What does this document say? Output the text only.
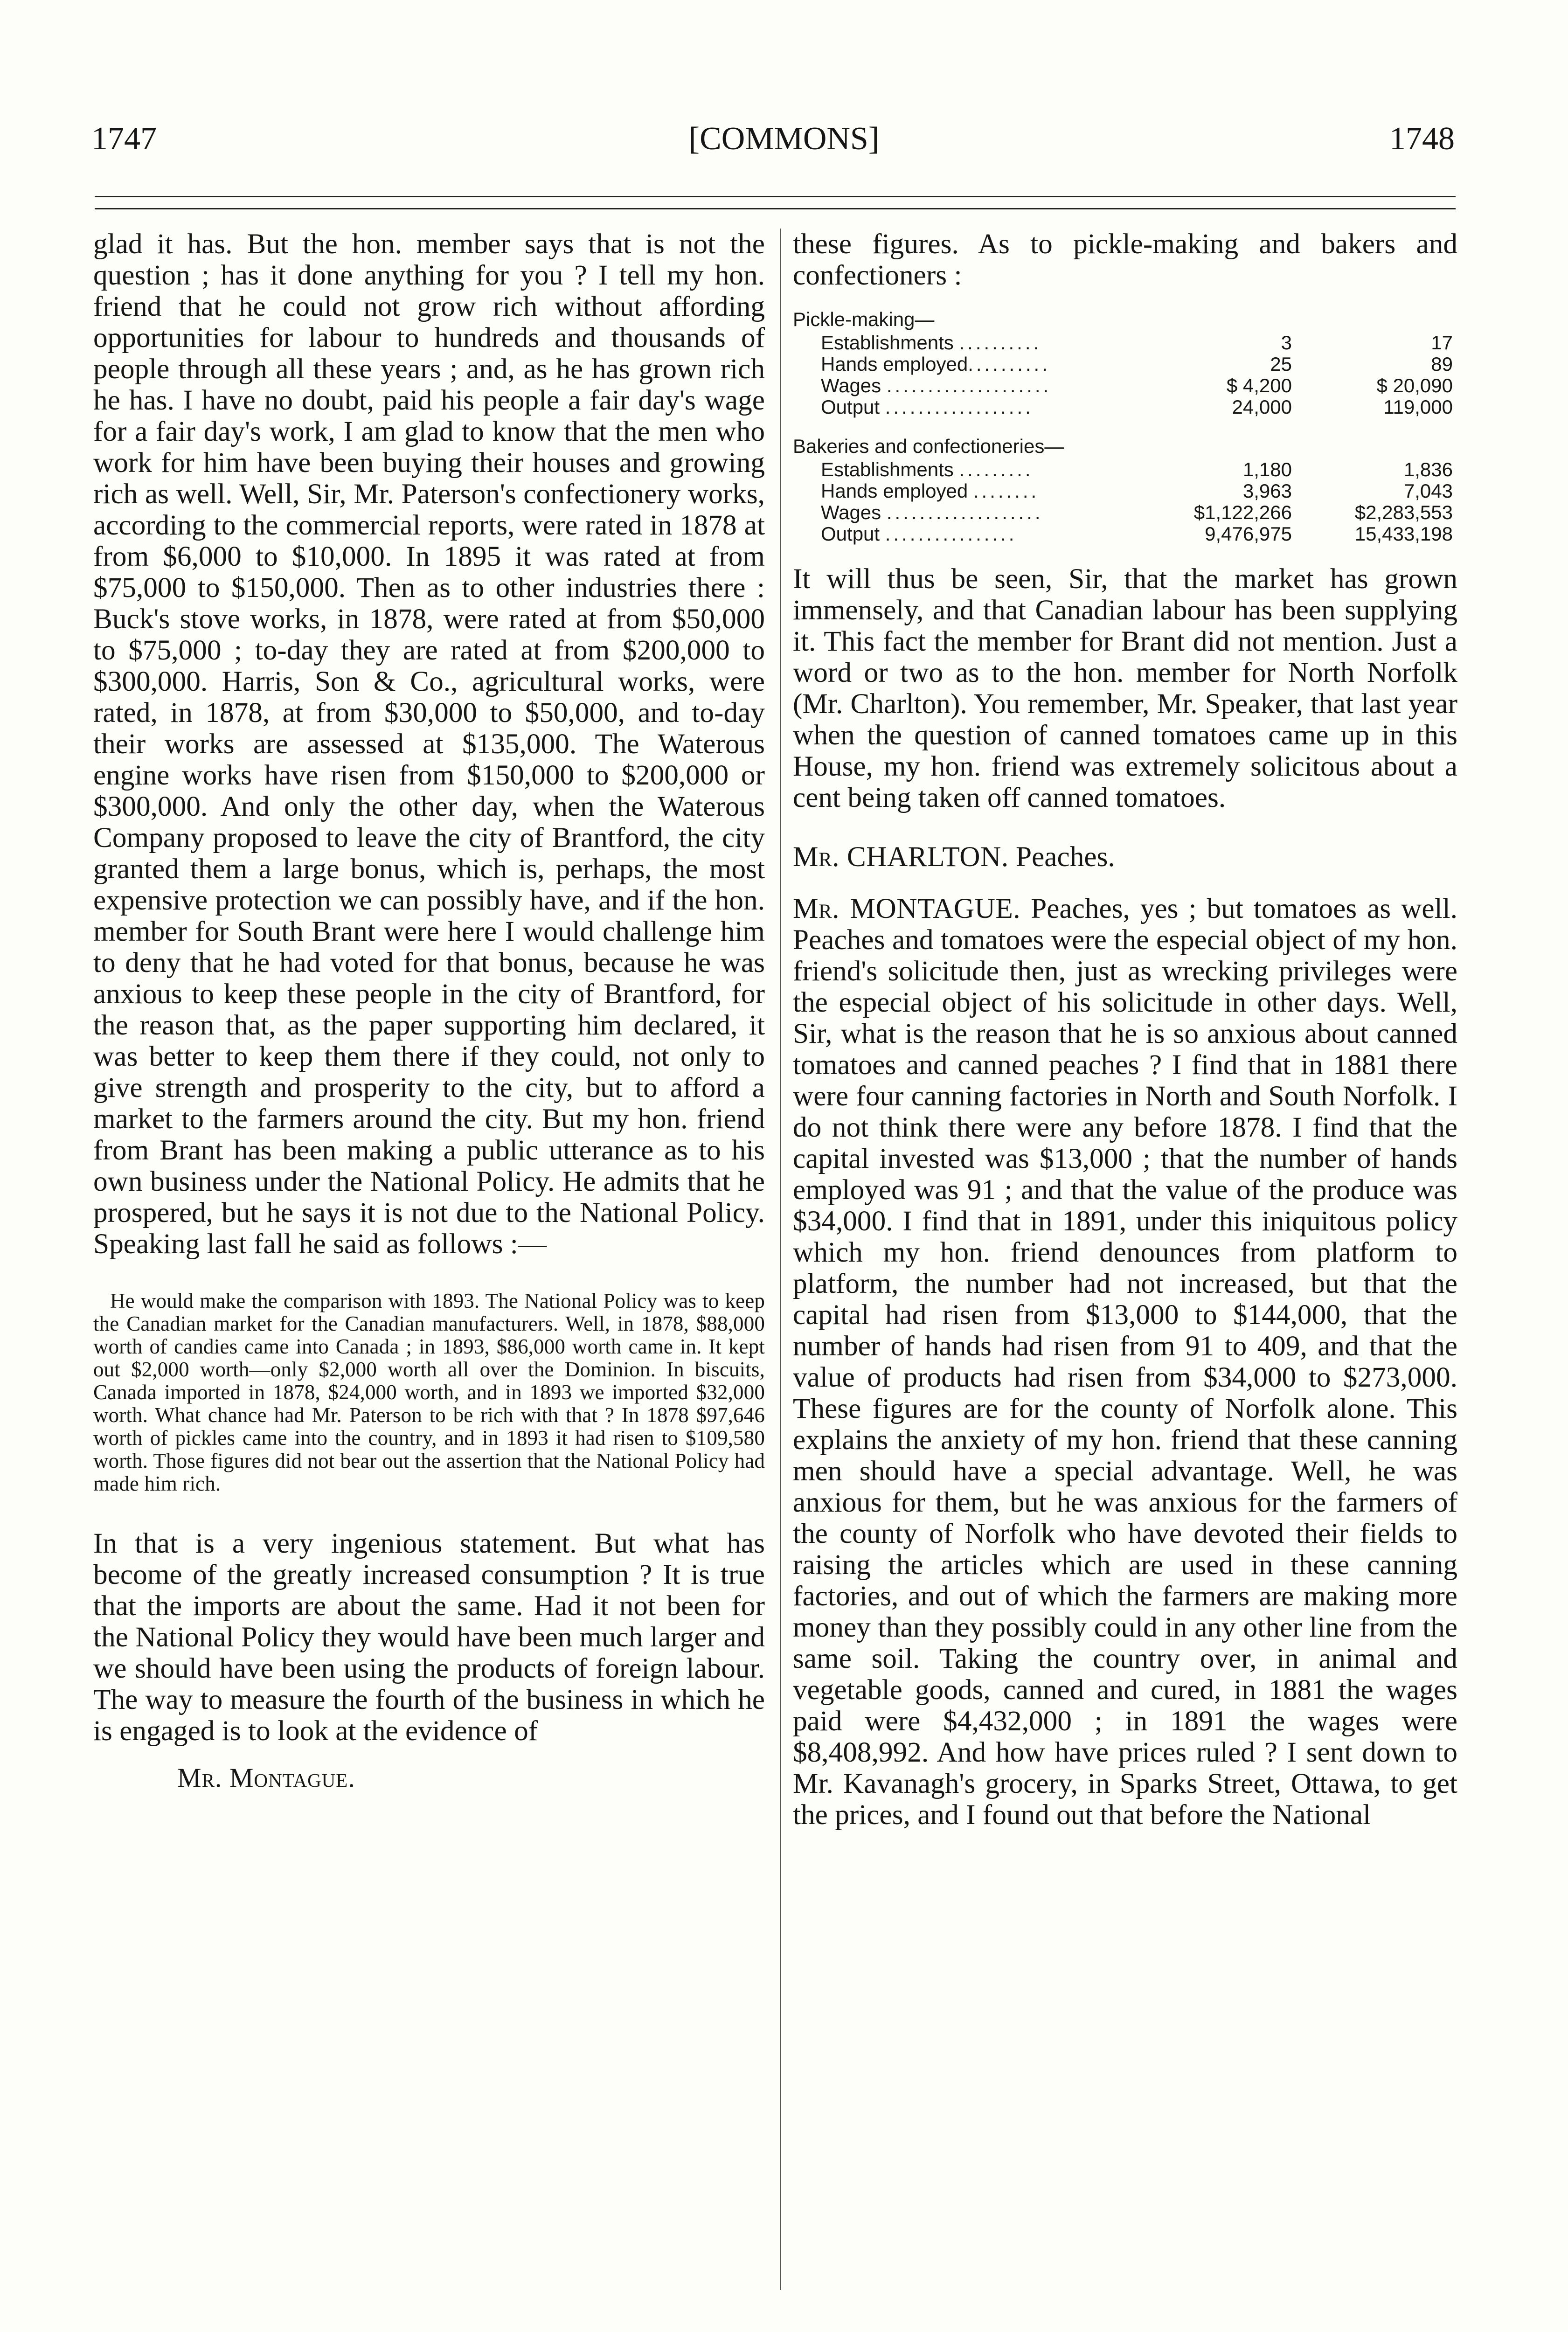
1747	[COMMONS]	1748

glad it has. But the hon. member says that is not the question ; has it done anything for you ? I tell my hon. friend that he could not grow rich without affording opportunities for labour to hundreds and thousands of people through all these years ; and, as he has grown rich he has. I have no doubt, paid his people a fair day's wage for a fair day's work, I am glad to know that the men who work for him have been buying their houses and growing rich as well. Well, Sir, Mr. Paterson's confectionery works, according to the commercial reports, were rated in 1878 at from $6,000 to $10,000. In 1895 it was rated at from $75,000 to $150,000. Then as to other industries there : Buck's stove works, in 1878, were rated at from $50,000 to $75,000 ; to-day they are rated at from $200,000 to $300,000. Harris, Son & Co., agricultural works, were rated, in 1878, at from $30,000 to $50,000, and to-day their works are assessed at $135,000. The Waterous engine works have risen from $150,000 to $200,000 or $300,000. And only the other day, when the Waterous Company proposed to leave the city of Brantford, the city granted them a large bonus, which is, perhaps, the most expensive protection we can possibly have, and if the hon. member for South Brant were here I would challenge him to deny that he had voted for that bonus, because he was anxious to keep these people in the city of Brantford, for the reason that, as the paper supporting him declared, it was better to keep them there if they could, not only to give strength and prosperity to the city, but to afford a market to the farmers around the city. But my hon. friend from Brant has been making a public utterance as to his own business under the National Policy. He admits that he prospered, but he says it is not due to the National Policy. Speaking last fall he said as follows :—

He would make the comparison with 1893. The National Policy was to keep the Canadian market for the Canadian manufacturers. Well, in 1878, $88,000 worth of candies came into Canada ; in 1893, $86,000 worth came in. It kept out $2,000 worth—only $2,000 worth all over the Dominion. In biscuits, Canada imported in 1878, $24,000 worth, and in 1893 we imported $32,000 worth. What chance had Mr. Paterson to be rich with that ? In 1878 $97,646 worth of pickles came into the country, and in 1893 it had risen to $109,580 worth. Those figures did not bear out the assertion that the National Policy had made him rich.

In that is a very ingenious statement. But what has become of the greatly increased consumption ? It is true that the imports are about the same. Had it not been for the National Policy they would have been much larger and we should have been using the products of foreign labour. The way to measure the fourth of the business in which he is engaged is to look at the evidence of

Mr. Montague.

these figures. As to pickle-making and bakers and confectioners :

Pickle-making—
Establishments ..........	3	17
Hands employed..........	25	89
Wages ....................	$ 4,200	$ 20,090
Output ..................	24,000	119,000
Bakeries and confectioneries—
Establishments .........	1,180	1,836
Hands employed ........	3,963	7,043
Wages ...................	$1,122,266	$2,283,553
Output ................	9,476,975	15,433,198

It will thus be seen, Sir, that the market has grown immensely, and that Canadian labour has been supplying it. This fact the member for Brant did not mention. Just a word or two as to the hon. member for North Norfolk (Mr. Charlton). You remember, Mr. Speaker, that last year when the question of canned tomatoes came up in this House, my hon. friend was extremely solicitous about a cent being taken off canned tomatoes.

Mr. CHARLTON. Peaches.

Mr. MONTAGUE. Peaches, yes ; but tomatoes as well. Peaches and tomatoes were the especial object of my hon. friend's solicitude then, just as wrecking privileges were the especial object of his solicitude in other days. Well, Sir, what is the reason that he is so anxious about canned tomatoes and canned peaches ? I find that in 1881 there were four canning factories in North and South Norfolk. I do not think there were any before 1878. I find that the capital invested was $13,000 ; that the number of hands employed was 91 ; and that the value of the produce was $34,000. I find that in 1891, under this iniquitous policy which my hon. friend denounces from platform to platform, the number had not increased, but that the capital had risen from $13,000 to $144,000, that the number of hands had risen from 91 to 409, and that the value of products had risen from $34,000 to $273,000. These figures are for the county of Norfolk alone. This explains the anxiety of my hon. friend that these canning men should have a special advantage. Well, he was anxious for them, but he was anxious for the farmers of the county of Norfolk who have devoted their fields to raising the articles which are used in these canning factories, and out of which the farmers are making more money than they possibly could in any other line from the same soil. Taking the country over, in animal and vegetable goods, canned and cured, in 1881 the wages paid were $4,432,000 ; in 1891 the wages were $8,408,992. And how have prices ruled ? I sent down to Mr. Kavanagh's grocery, in Sparks Street, Ottawa, to get the prices, and I found out that before the National
